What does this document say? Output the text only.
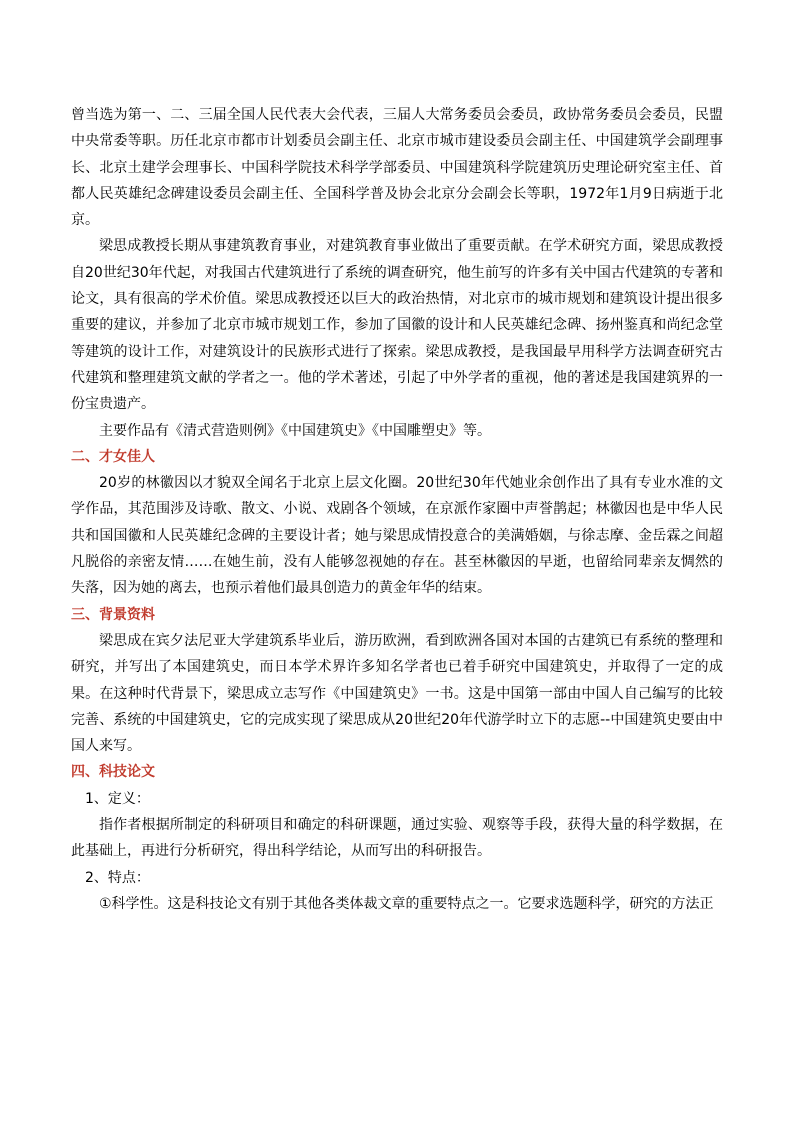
曾当选为第一、二、三届全国人民代表大会代表，三届人大常务委员会委员，政协常务委员会委员，民盟中央常委等职。历任北京市都市计划委员会副主任、北京市城市建设委员会副主任、中国建筑学会副理事长、北京土建学会理事长、中国科学院技术科学学部委员、中国建筑科学院建筑历史理论研究室主任、首都人民英雄纪念碑建设委员会副主任、全国科学普及协会北京分会副会长等职，1972年1月9日病逝于北京。

梁思成教授长期从事建筑教育事业，对建筑教育事业做出了重要贡献。在学术研究方面，梁思成教授自20世纪30年代起，对我国古代建筑进行了系统的调查研究，他生前写的许多有关中国古代建筑的专著和论文，具有很高的学术价值。梁思成教授还以巨大的政治热情，对北京市的城市规划和建筑设计提出很多重要的建议，并参加了北京市城市规划工作，参加了国徽的设计和人民英雄纪念碑、扬州鉴真和尚纪念堂等建筑的设计工作，对建筑设计的民族形式进行了探索。梁思成教授，是我国最早用科学方法调查研究古代建筑和整理建筑文献的学者之一。他的学术著述，引起了中外学者的重视，他的著述是我国建筑界的一份宝贵遗产。

主要作品有《清式营造则例》《中国建筑史》《中国雕塑史》等。

二、才女佳人

20岁的林徽因以才貌双全闻名于北京上层文化圈。20世纪30年代她业余创作出了具有专业水准的文学作品，其范围涉及诗歌、散文、小说、戏剧各个领域，在京派作家圈中声誉鹊起；林徽因也是中华人民共和国国徽和人民英雄纪念碑的主要设计者；她与梁思成情投意合的美满婚姻，与徐志摩、金岳霖之间超凡脱俗的亲密友情……在她生前，没有人能够忽视她的存在。甚至林徽因的早逝，也留给同辈亲友惆然的失落，因为她的离去，也预示着他们最具创造力的黄金年华的结束。

三、背景资料

梁思成在宾夕法尼亚大学建筑系毕业后，游历欧洲，看到欧洲各国对本国的古建筑已有系统的整理和研究，并写出了本国建筑史，而日本学术界许多知名学者也已着手研究中国建筑史，并取得了一定的成果。在这种时代背景下，梁思成立志写作《中国建筑史》一书。这是中国第一部由中国人自己编写的比较完善、系统的中国建筑史，它的完成实现了梁思成从20世纪20年代游学时立下的志愿--中国建筑史要由中国人来写。

四、科技论文

1、定义：

指作者根据所制定的科研项目和确定的科研课题，通过实验、观察等手段，获得大量的科学数据，在此基础上，再进行分析研究，得出科学结论，从而写出的科研报告。

2、特点：

①科学性。这是科技论文有别于其他各类体裁文章的重要特点之一。它要求选题科学，研究的方法正
